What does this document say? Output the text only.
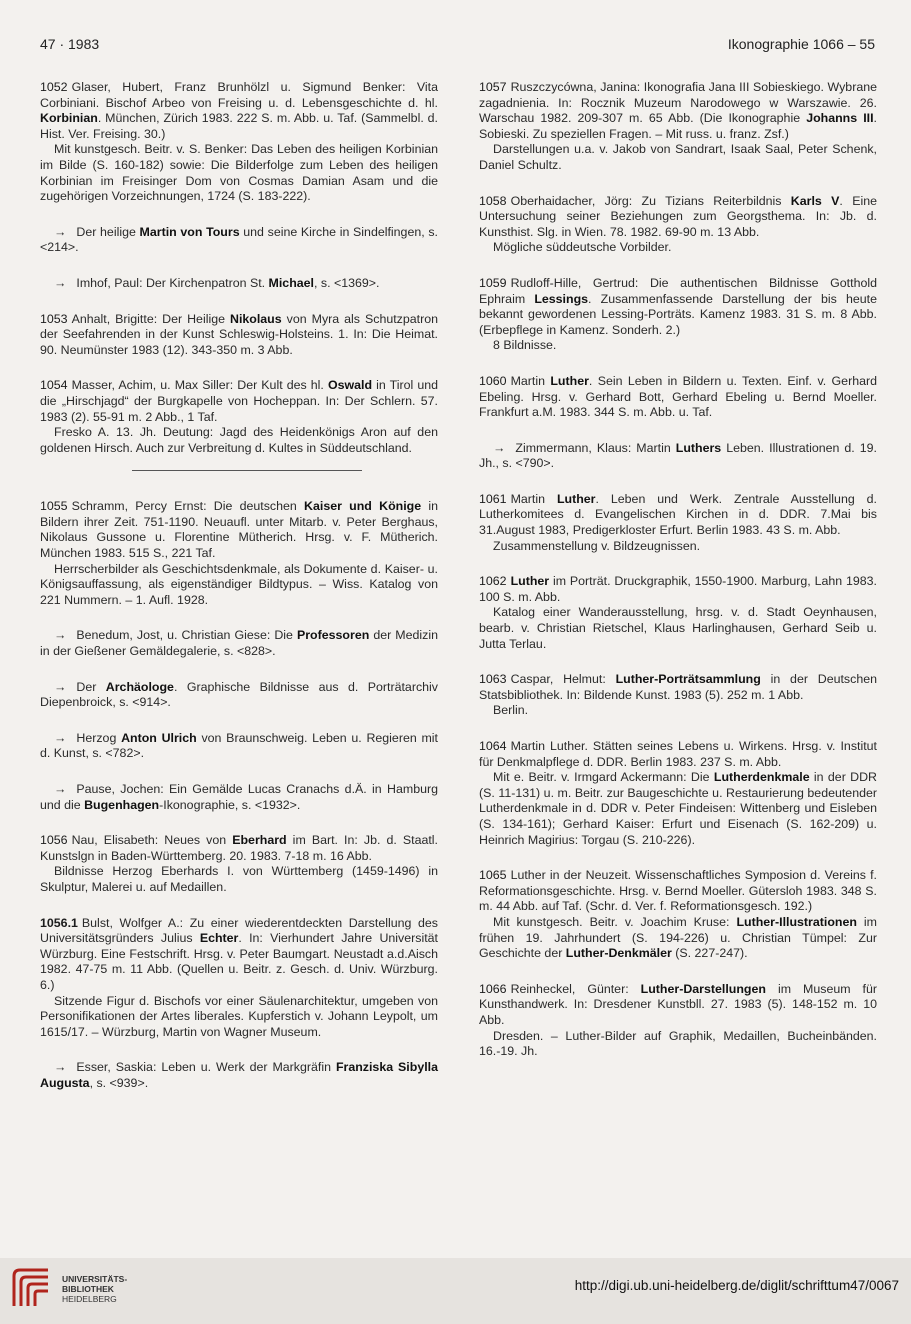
47 · 1983	Ikonographie 1066 – 55

1052 Glaser, Hubert, Franz Brunhölzl u. Sigmund Benker: Vita Corbiniani. Bischof Arbeo von Freising u. d. Lebensgeschichte d. hl. Korbinian. München, Zürich 1983. 222 S. m. Abb. u. Taf. (Sammelbl. d. Hist. Ver. Freising. 30.)

Mit kunstgesch. Beitr. v. S. Benker: Das Leben des heiligen Korbinian im Bilde (S. 160-182) sowie: Die Bilderfolge zum Leben des heiligen Korbinian im Freisinger Dom von Cosmas Damian Asam und die zugehörigen Vorzeichnungen, 1724 (S. 183-222).

→ Der heilige Martin von Tours und seine Kirche in Sindelfingen, s. <214>.

→ Imhof, Paul: Der Kirchenpatron St. Michael, s. <1369>.

1053 Anhalt, Brigitte: Der Heilige Nikolaus von Myra als Schutzpatron der Seefahrenden in der Kunst Schleswig-Holsteins. 1. In: Die Heimat. 90. Neumünster 1983 (12). 343-350 m. 3 Abb.

1054 Masser, Achim, u. Max Siller: Der Kult des hl. Oswald in Tirol und die „Hirschjagd“ der Burgkapelle von Hocheppan. In: Der Schlern. 57. 1983 (2). 55-91 m. 2 Abb., 1 Taf.

Fresko A. 13. Jh. Deutung: Jagd des Heidenkönigs Aron auf den goldenen Hirsch. Auch zur Verbreitung d. Kultes in Süddeutschland.

1055 Schramm, Percy Ernst: Die deutschen Kaiser und Könige in Bildern ihrer Zeit. 751-1190. Neuaufl. unter Mitarb. v. Peter Berghaus, Nikolaus Gussone u. Florentine Mütherich. Hrsg. v. F. Mütherich. München 1983. 515 S., 221 Taf.

Herrscherbilder als Geschichtsdenkmale, als Dokumente d. Kaiser- u. Königsauffassung, als eigenständiger Bildtypus. – Wiss. Katalog von 221 Nummern. – 1. Aufl. 1928.

→ Benedum, Jost, u. Christian Giese: Die Professoren der Medizin in der Gießener Gemäldegalerie, s. <828>.

→ Der Archäologe. Graphische Bildnisse aus d. Porträtarchiv Diepenbroick, s. <914>.

→ Herzog Anton Ulrich von Braunschweig. Leben u. Regieren mit d. Kunst, s. <782>.

→ Pause, Jochen: Ein Gemälde Lucas Cranachs d.Ä. in Hamburg und die Bugenhagen-Ikonographie, s. <1932>.

1056 Nau, Elisabeth: Neues von Eberhard im Bart. In: Jb. d. Staatl. Kunstslgn in Baden-Württemberg. 20. 1983. 7-18 m. 16 Abb.

Bildnisse Herzog Eberhards I. von Württemberg (1459-1496) in Skulptur, Malerei u. auf Medaillen.

1056.1 Bulst, Wolfger A.: Zu einer wiederentdeckten Darstellung des Universitätsgründers Julius Echter. In: Vierhundert Jahre Universität Würzburg. Eine Festschrift. Hrsg. v. Peter Baumgart. Neustadt a.d.Aisch 1982. 47-75 m. 11 Abb. (Quellen u. Beitr. z. Gesch. d. Univ. Würzburg. 6.)

Sitzende Figur d. Bischofs vor einer Säulenarchitektur, umgeben von Personifikationen der Artes liberales. Kupferstich v. Johann Leypolt, um 1615/17. – Würzburg, Martin von Wagner Museum.

→ Esser, Saskia: Leben u. Werk der Markgräfin Franziska Sibylla Augusta, s. <939>.

1057 Ruszczycówna, Janina: Ikonografia Jana III Sobieskiego. Wybrane zagadnienia. In: Rocznik Muzeum Narodowego w Warszawie. 26. Warschau 1982. 209-307 m. 65 Abb. (Die Ikonographie Johanns III. Sobieski. Zu speziellen Fragen. – Mit russ. u. franz. Zsf.)

Darstellungen u.a. v. Jakob von Sandrart, Isaak Saal, Peter Schenk, Daniel Schultz.

1058 Oberhaidacher, Jörg: Zu Tizians Reiterbildnis Karls V. Eine Untersuchung seiner Beziehungen zum Georgsthema. In: Jb. d. Kunsthist. Slg. in Wien. 78. 1982. 69-90 m. 13 Abb.

Mögliche süddeutsche Vorbilder.

1059 Rudloff-Hille, Gertrud: Die authentischen Bildnisse Gotthold Ephraim Lessings. Zusammenfassende Darstellung der bis heute bekannt gewordenen Lessing-Porträts. Kamenz 1983. 31 S. m. 8 Abb. (Erbepflege in Kamenz. Sonderh. 2.)

8 Bildnisse.

1060 Martin Luther. Sein Leben in Bildern u. Texten. Einf. v. Gerhard Ebeling. Hrsg. v. Gerhard Bott, Gerhard Ebeling u. Bernd Moeller. Frankfurt a.M. 1983. 344 S. m. Abb. u. Taf.

→ Zimmermann, Klaus: Martin Luthers Leben. Illustrationen d. 19. Jh., s. <790>.

1061 Martin Luther. Leben und Werk. Zentrale Ausstellung d. Lutherkomitees d. Evangelischen Kirchen in d. DDR. 7.Mai bis 31.August 1983, Predigerkloster Erfurt. Berlin 1983. 43 S. m. Abb.

Zusammenstellung v. Bildzeugnissen.

1062 Luther im Porträt. Druckgraphik, 1550-1900. Marburg, Lahn 1983. 100 S. m. Abb.

Katalog einer Wanderausstellung, hrsg. v. d. Stadt Oeynhausen, bearb. v. Christian Rietschel, Klaus Harlinghausen, Gerhard Seib u. Jutta Terlau.

1063 Caspar, Helmut: Luther-Porträtsammlung in der Deutschen Statsbibliothek. In: Bildende Kunst. 1983 (5). 252 m. 1 Abb.

Berlin.

1064 Martin Luther. Stätten seines Lebens u. Wirkens. Hrsg. v. Institut für Denkmalpflege d. DDR. Berlin 1983. 237 S. m. Abb.

Mit e. Beitr. v. Irmgard Ackermann: Die Lutherdenkmale in der DDR (S. 11-131) u. m. Beitr. zur Baugeschichte u. Restaurierung bedeutender Lutherdenkmale in d. DDR v. Peter Findeisen: Wittenberg und Eisleben (S. 134-161); Gerhard Kaiser: Erfurt und Eisenach (S. 162-209) u. Heinrich Magirius: Torgau (S. 210-226).

1065 Luther in der Neuzeit. Wissenschaftliches Symposion d. Vereins f. Reformationsgeschichte. Hrsg. v. Bernd Moeller. Gütersloh 1983. 348 S. m. 44 Abb. auf Taf. (Schr. d. Ver. f. Reformationsgesch. 192.)

Mit kunstgesch. Beitr. v. Joachim Kruse: Luther-Illustrationen im frühen 19. Jahrhundert (S. 194-226) u. Christian Tümpel: Zur Geschichte der Luther-Denkmäler (S. 227-247).

1066 Reinheckel, Günter: Luther-Darstellungen im Museum für Kunsthandwerk. In: Dresdener Kunstbll. 27. 1983 (5). 148-152 m. 10 Abb.

Dresden. – Luther-Bilder auf Graphik, Medaillen, Bucheinbänden. 16.-19. Jh.

UNIVERSITÄTS-
BIBLIOTHEK
HEIDELBERG
http://digi.ub.uni-heidelberg.de/diglit/schrifttum47/0067
